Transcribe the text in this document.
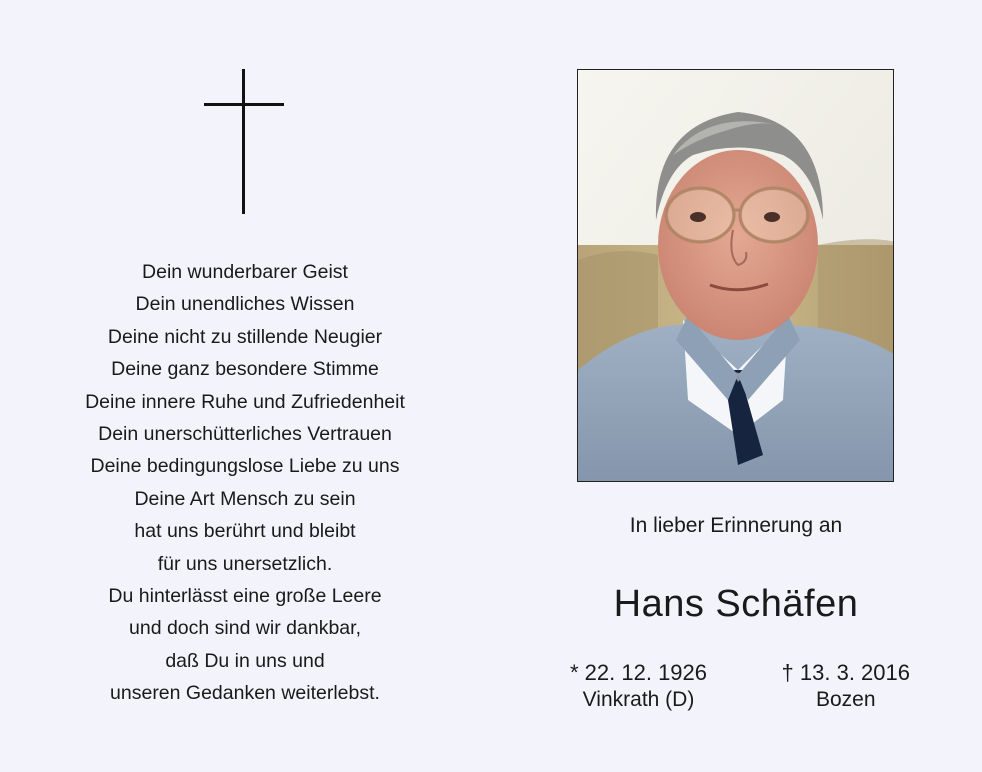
Dein wunderbarer Geist
Dein unendliches Wissen
Deine nicht zu stillende Neugier
Deine ganz besondere Stimme
Deine innere Ruhe und Zufriedenheit
Dein unerschütterliches Vertrauen
Deine bedingungslose Liebe zu uns
Deine Art Mensch zu sein
hat uns berührt und bleibt
für uns unersetzlich.
Du hinterlässt eine große Leere
und doch sind wir dankbar,
daß Du in uns und
unseren Gedanken weiterlebst.
In lieber Erinnerung an
Hans Schäfen
* 22. 12. 1926
Vinkrath (D)
† 13. 3. 2016
Bozen
